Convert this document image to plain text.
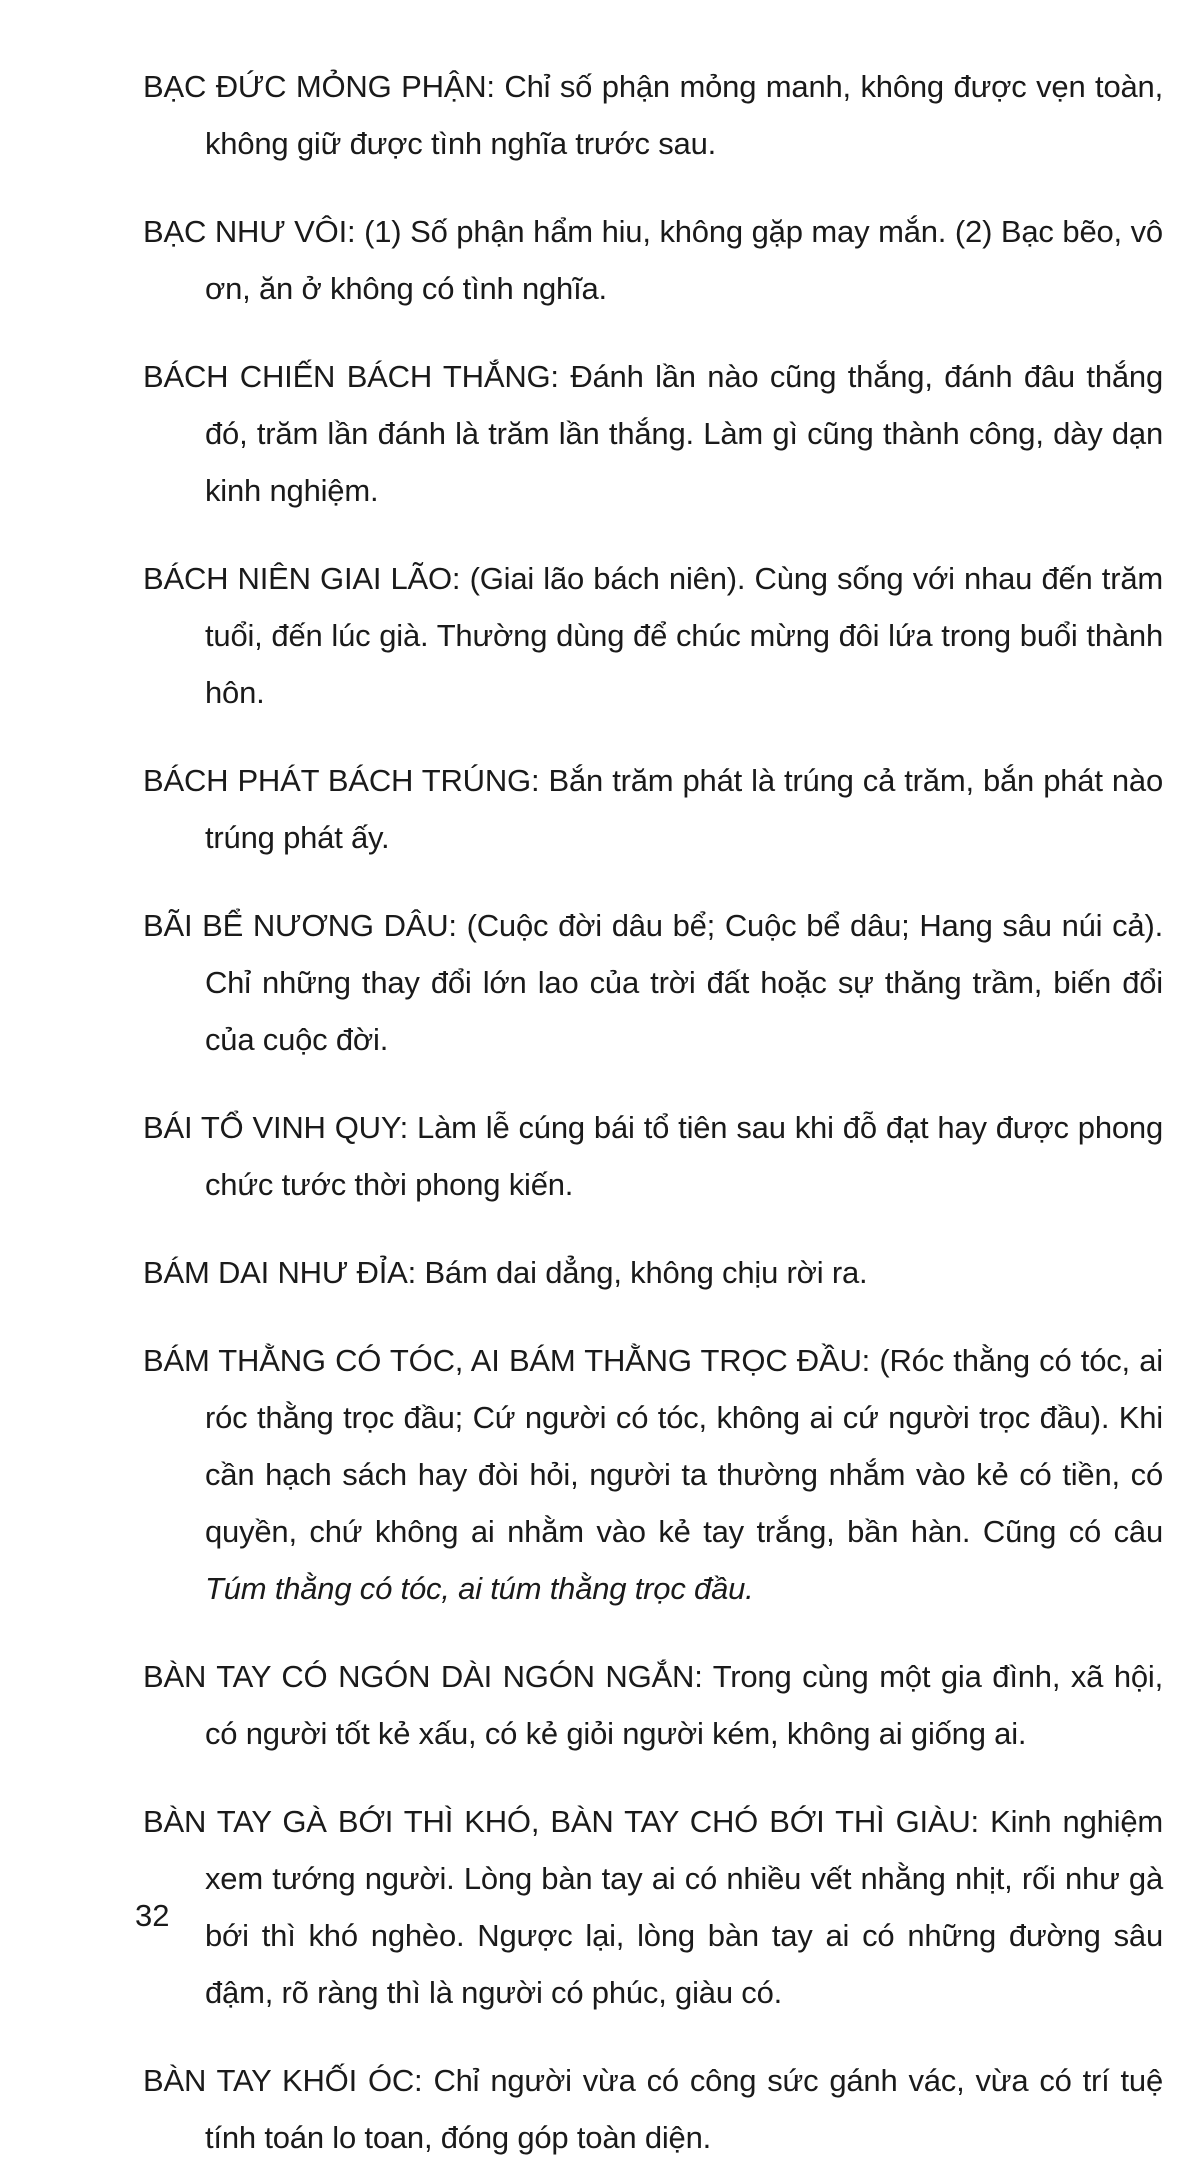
BẠC ĐỨC MỎNG PHẬN: Chỉ số phận mỏng manh, không được vẹn toàn, không giữ được tình nghĩa trước sau.

BẠC NHƯ VÔI: (1) Số phận hẩm hiu, không gặp may mắn. (2) Bạc bẽo, vô ơn, ăn ở không có tình nghĩa.

BÁCH CHIẾN BÁCH THẮNG: Đánh lần nào cũng thắng, đánh đâu thắng đó, trăm lần đánh là trăm lần thắng. Làm gì cũng thành công, dày dạn kinh nghiệm.

BÁCH NIÊN GIAI LÃO: (Giai lão bách niên). Cùng sống với nhau đến trăm tuổi, đến lúc già. Thường dùng để chúc mừng đôi lứa trong buổi thành hôn.

BÁCH PHÁT BÁCH TRÚNG: Bắn trăm phát là trúng cả trăm, bắn phát nào trúng phát ấy.

BÃI BỂ NƯƠNG DÂU: (Cuộc đời dâu bể; Cuộc bể dâu; Hang sâu núi cả). Chỉ những thay đổi lớn lao của trời đất hoặc sự thăng trầm, biến đổi của cuộc đời.

BÁI TỔ VINH QUY: Làm lễ cúng bái tổ tiên sau khi đỗ đạt hay được phong chức tước thời phong kiến.

BÁM DAI NHƯ ĐỈA: Bám dai dẳng, không chịu rời ra.

BÁM THẰNG CÓ TÓC, AI BÁM THẰNG TRỌC ĐẦU: (Róc thằng có tóc, ai róc thằng trọc đầu; Cứ người có tóc, không ai cứ người trọc đầu). Khi cần hạch sách hay đòi hỏi, người ta thường nhắm vào kẻ có tiền, có quyền, chứ không ai nhằm vào kẻ tay trắng, bần hàn. Cũng có câu Túm thằng có tóc, ai túm thằng trọc đầu.

BÀN TAY CÓ NGÓN DÀI NGÓN NGẮN: Trong cùng một gia đình, xã hội, có người tốt kẻ xấu, có kẻ giỏi người kém, không ai giống ai.

BÀN TAY GÀ BỚI THÌ KHÓ, BÀN TAY CHÓ BỚI THÌ GIÀU: Kinh nghiệm xem tướng người. Lòng bàn tay ai có nhiều vết nhằng nhịt, rối như gà bới thì khó nghèo. Ngược lại, lòng bàn tay ai có những đường sâu đậm, rõ ràng thì là người có phúc, giàu có.

BÀN TAY KHỐI ÓC: Chỉ người vừa có công sức gánh vác, vừa có trí tuệ tính toán lo toan, đóng góp toàn diện.

32
